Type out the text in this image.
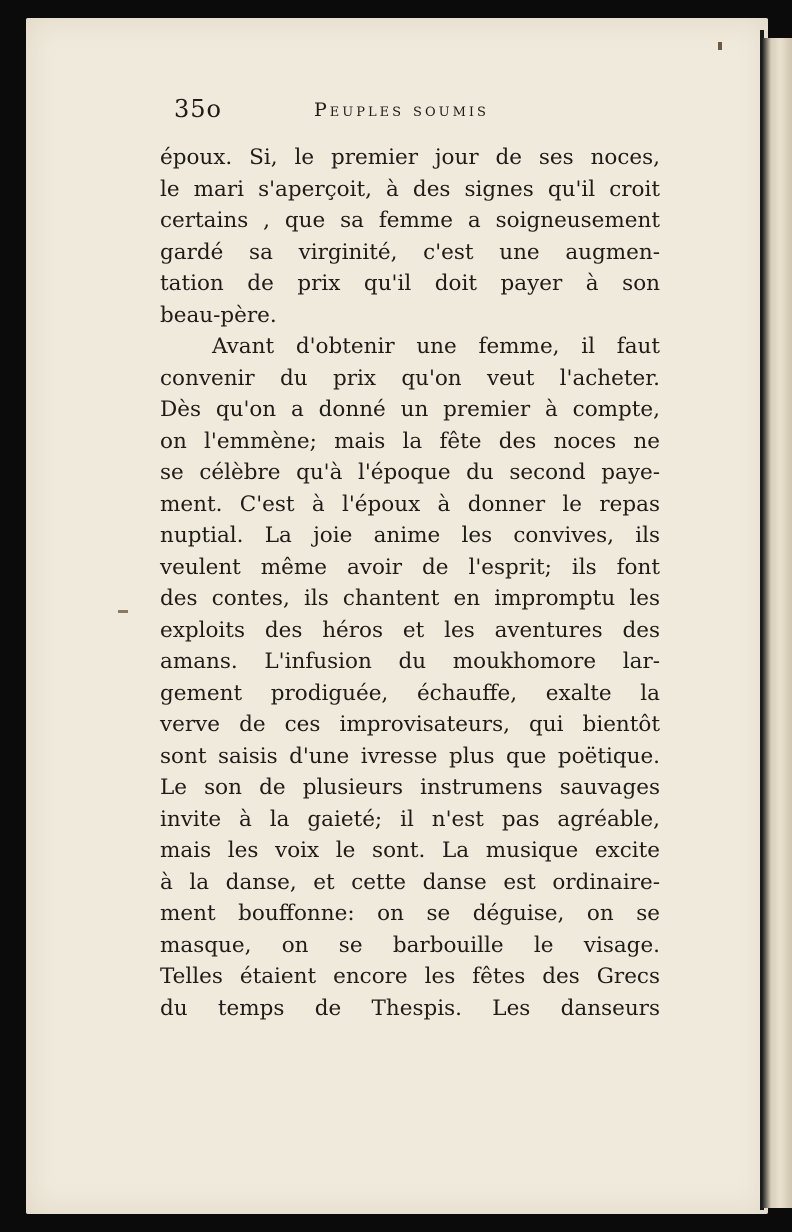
35o	Peuples soumis
époux. Si, le premier jour de ses noces,
le mari s'aperçoit, à des signes qu'il croit
certains , que sa femme a soigneusement
gardé sa virginité, c'est une augmen-
tation de prix qu'il doit payer à son
beau-père.
Avant d'obtenir une femme, il faut
convenir du prix qu'on veut l'acheter.
Dès qu'on a donné un premier à compte,
on l'emmène; mais la fête des noces ne
se célèbre qu'à l'époque du second paye-
ment. C'est à l'époux à donner le repas
nuptial. La joie anime les convives, ils
veulent même avoir de l'esprit; ils font
des contes, ils chantent en impromptu les
exploits des héros et les aventures des
amans. L'infusion du moukhomore lar-
gement prodiguée, échauffe, exalte la
verve de ces improvisateurs, qui bientôt
sont saisis d'une ivresse plus que poëtique.
Le son de plusieurs instrumens sauvages
invite à la gaieté; il n'est pas agréable,
mais les voix le sont. La musique excite
à la danse, et cette danse est ordinaire-
ment bouffonne: on se déguise, on se
masque, on se barbouille le visage.
Telles étaient encore les fêtes des Grecs
du temps de Thespis. Les danseurs
